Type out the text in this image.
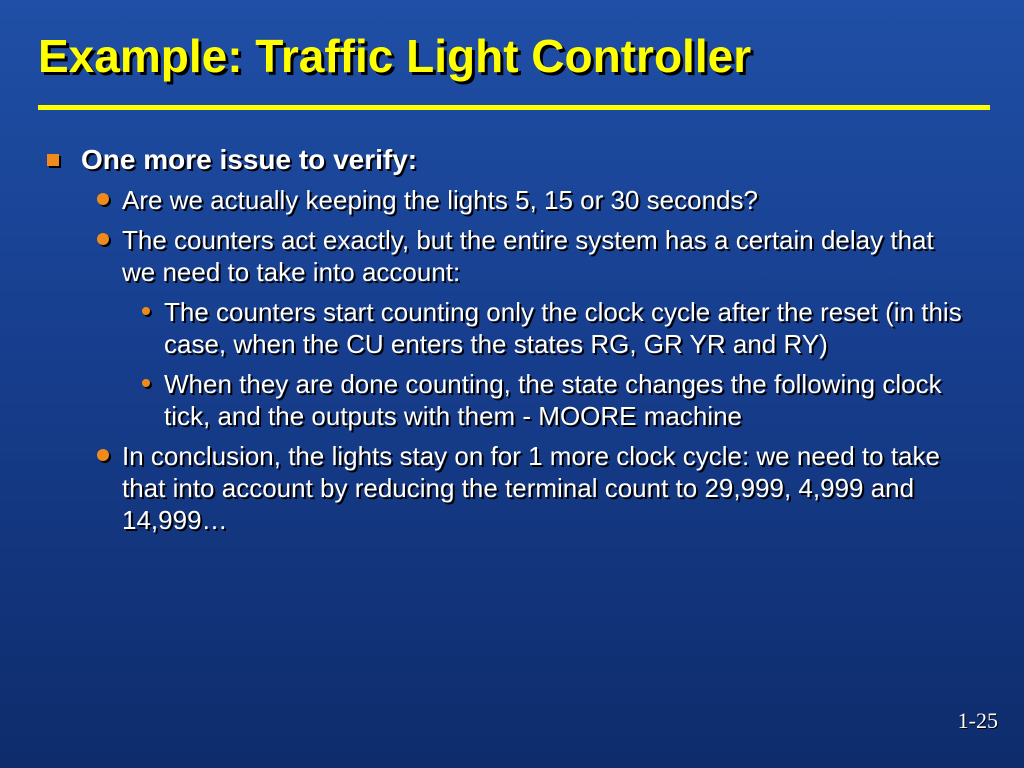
Example: Traffic Light Controller
One more issue to verify:
Are we actually keeping the lights 5, 15 or 30 seconds?
The counters act exactly, but the entire system has a certain delay that we need to take into account:
The counters start counting only the clock cycle after the reset (in this case, when the CU enters the states RG, GR YR and RY)
When they are done counting, the state changes the following clock tick, and the outputs with them - MOORE machine
In conclusion, the lights stay on for 1 more clock cycle: we need to take that into account by reducing the terminal count to 29,999, 4,999 and 14,999…
1-25
